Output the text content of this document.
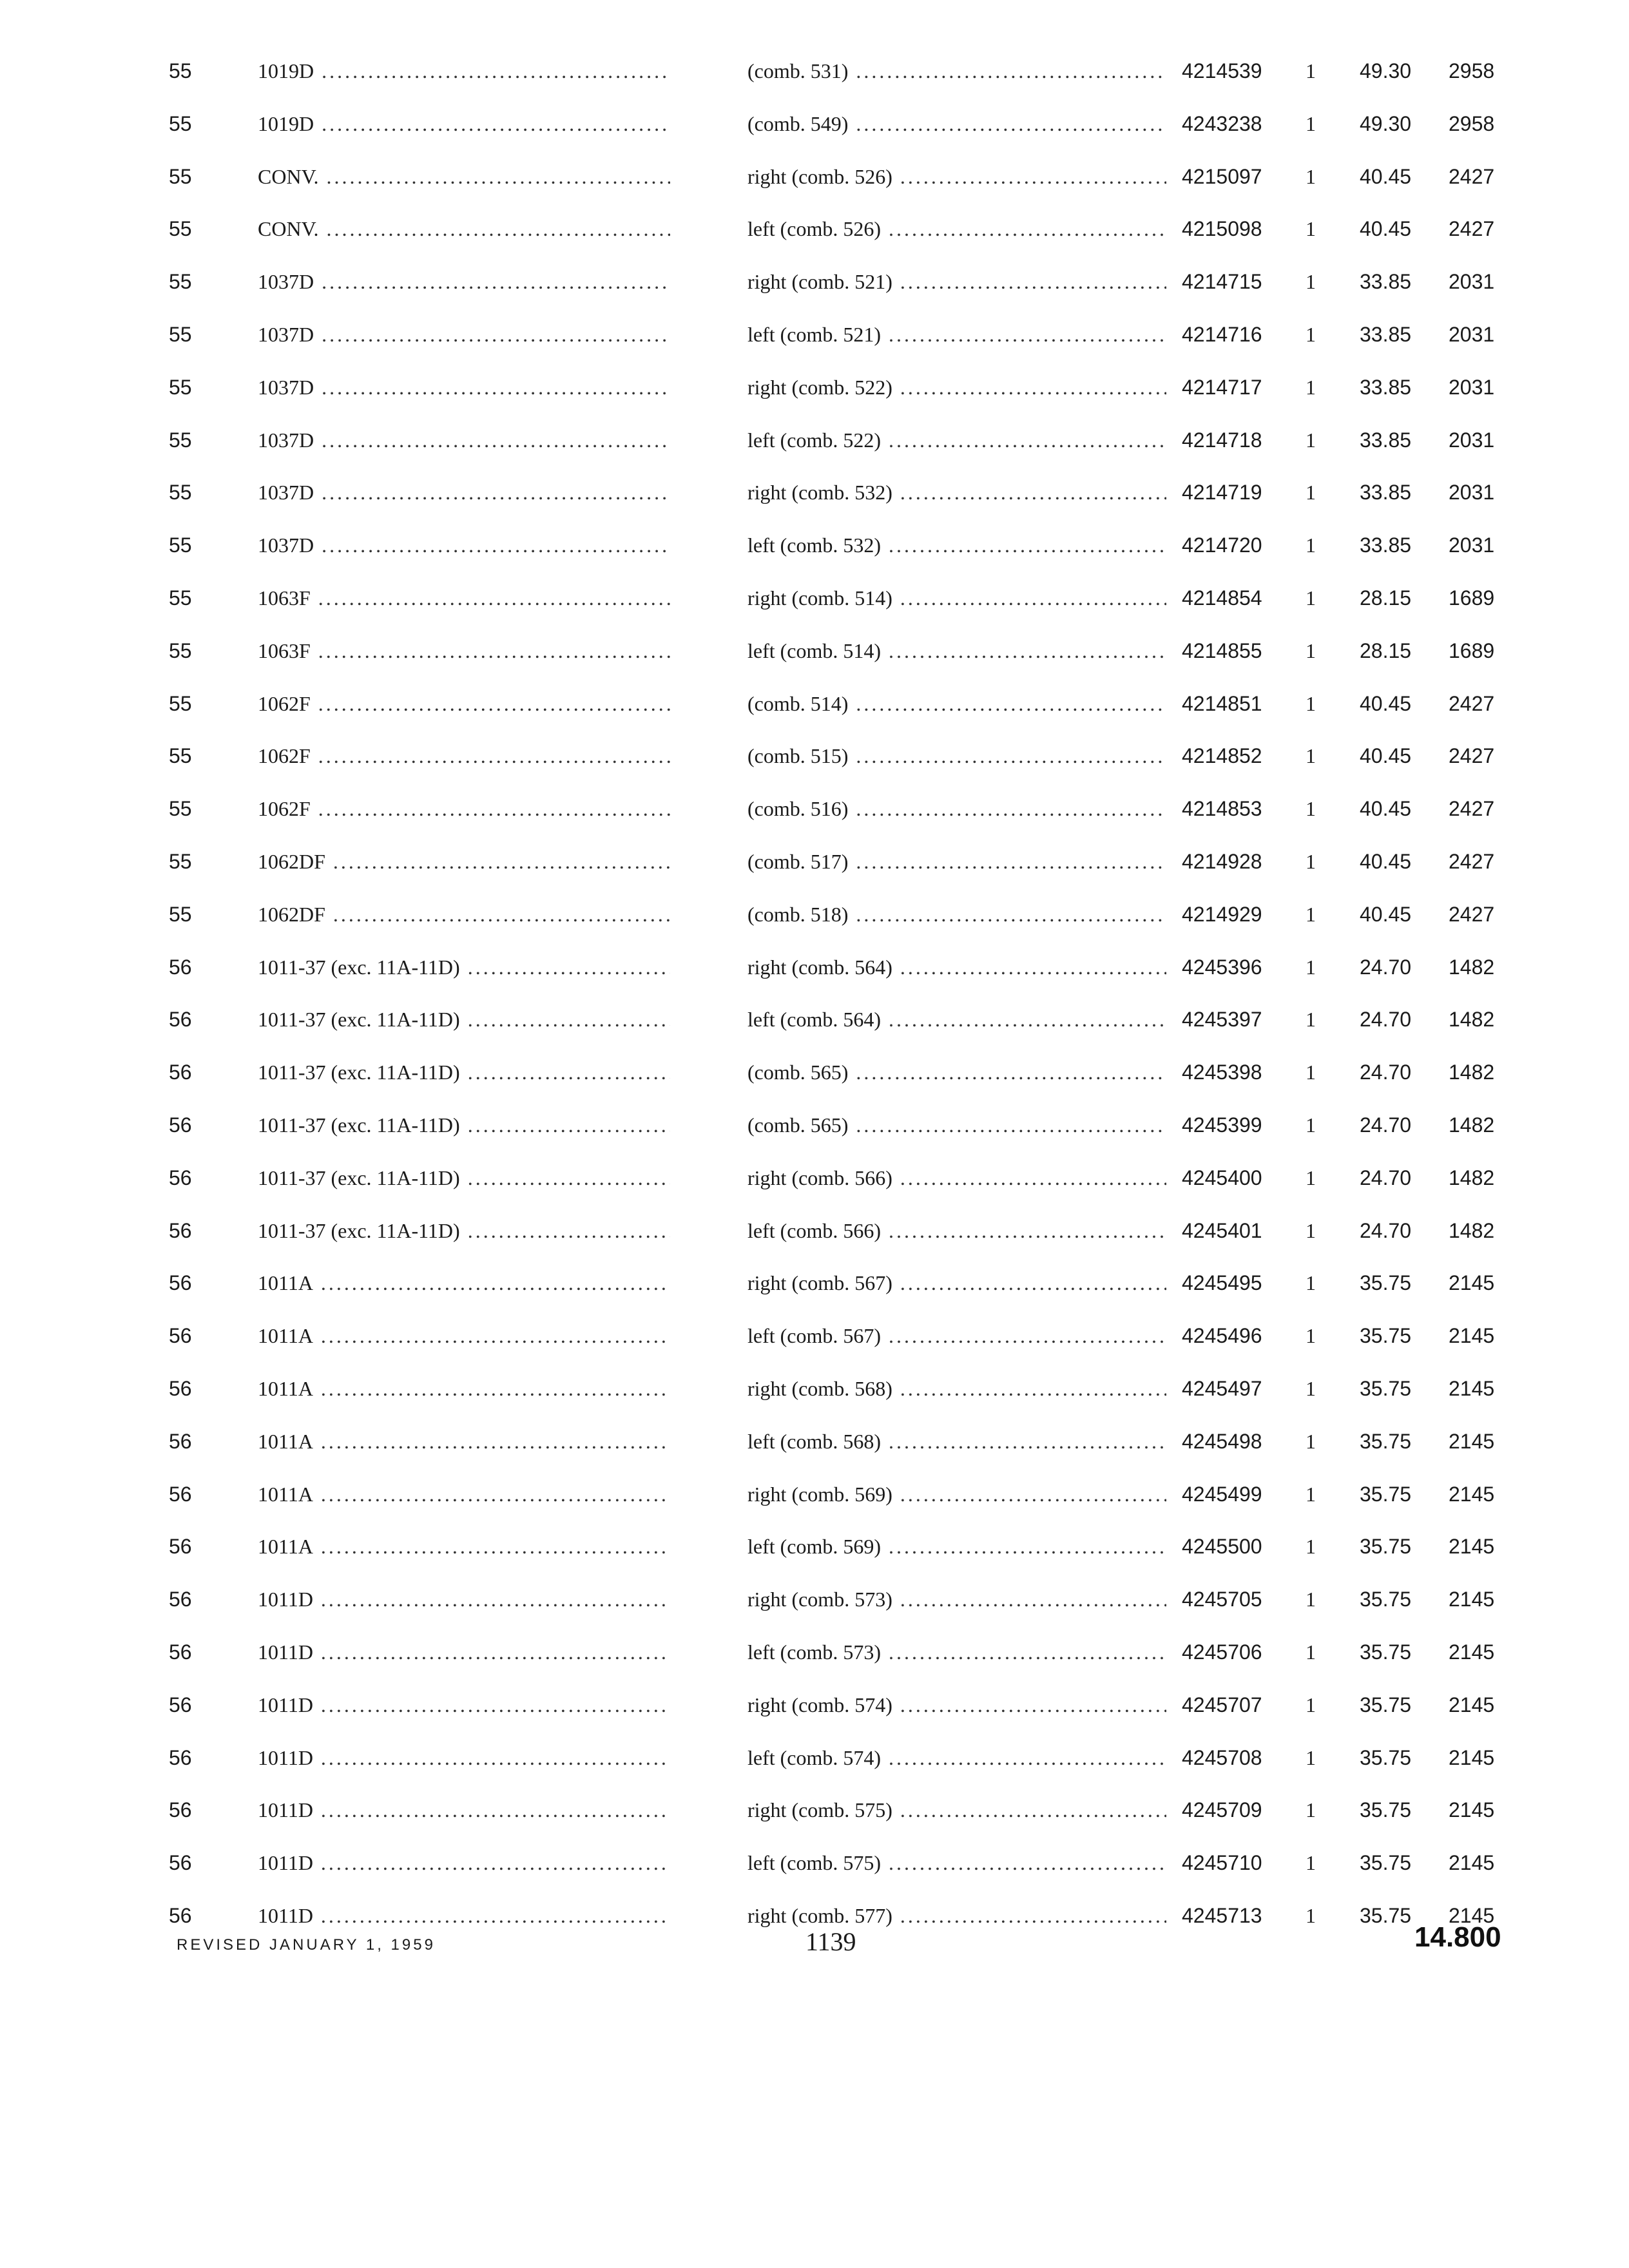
55	1019D .....	(comb. 531) .....	4214539	1	49.30	2958
55	1019D .....	(comb. 549) .....	4243238	1	49.30	2958
55	CONV. .....	right (comb. 526) .....	4215097	1	40.45	2427
55	CONV. .....	left (comb. 526) .....	4215098	1	40.45	2427
55	1037D .....	right (comb. 521) .....	4214715	1	33.85	2031
55	1037D .....	left (comb. 521) .....	4214716	1	33.85	2031
55	1037D .....	right (comb. 522) .....	4214717	1	33.85	2031
55	1037D .....	left (comb. 522) .....	4214718	1	33.85	2031
55	1037D .....	right (comb. 532) .....	4214719	1	33.85	2031
55	1037D .....	left (comb. 532) .....	4214720	1	33.85	2031
55	1063F .....	right (comb. 514) .....	4214854	1	28.15	1689
55	1063F .....	left (comb. 514) .....	4214855	1	28.15	1689
55	1062F .....	(comb. 514) .....	4214851	1	40.45	2427
55	1062F .....	(comb. 515) .....	4214852	1	40.45	2427
55	1062F .....	(comb. 516) .....	4214853	1	40.45	2427
55	1062DF .....	(comb. 517) .....	4214928	1	40.45	2427
55	1062DF .....	(comb. 518) .....	4214929	1	40.45	2427
56	1011-37 (exc. 11A-11D) .....	right (comb. 564) .....	4245396	1	24.70	1482
56	1011-37 (exc. 11A-11D) .....	left (comb. 564) .....	4245397	1	24.70	1482
56	1011-37 (exc. 11A-11D) .....	(comb. 565) .....	4245398	1	24.70	1482
56	1011-37 (exc. 11A-11D) .....	(comb. 565) .....	4245399	1	24.70	1482
56	1011-37 (exc. 11A-11D) .....	right (comb. 566) .....	4245400	1	24.70	1482
56	1011-37 (exc. 11A-11D) .....	left (comb. 566) .....	4245401	1	24.70	1482
56	1011A .....	right (comb. 567) .....	4245495	1	35.75	2145
56	1011A .....	left (comb. 567) .....	4245496	1	35.75	2145
56	1011A .....	right (comb. 568) .....	4245497	1	35.75	2145
56	1011A .....	left (comb. 568) .....	4245498	1	35.75	2145
56	1011A .....	right (comb. 569) .....	4245499	1	35.75	2145
56	1011A .....	left (comb. 569) .....	4245500	1	35.75	2145
56	1011D .....	right (comb. 573) .....	4245705	1	35.75	2145
56	1011D .....	left (comb. 573) .....	4245706	1	35.75	2145
56	1011D .....	right (comb. 574) .....	4245707	1	35.75	2145
56	1011D .....	left (comb. 574) .....	4245708	1	35.75	2145
56	1011D .....	right (comb. 575) .....	4245709	1	35.75	2145
56	1011D .....	left (comb. 575) .....	4245710	1	35.75	2145
56	1011D .....	right (comb. 577) .....	4245713	1	35.75	2145
REVISED JANUARY 1, 1959	1139	14.800
